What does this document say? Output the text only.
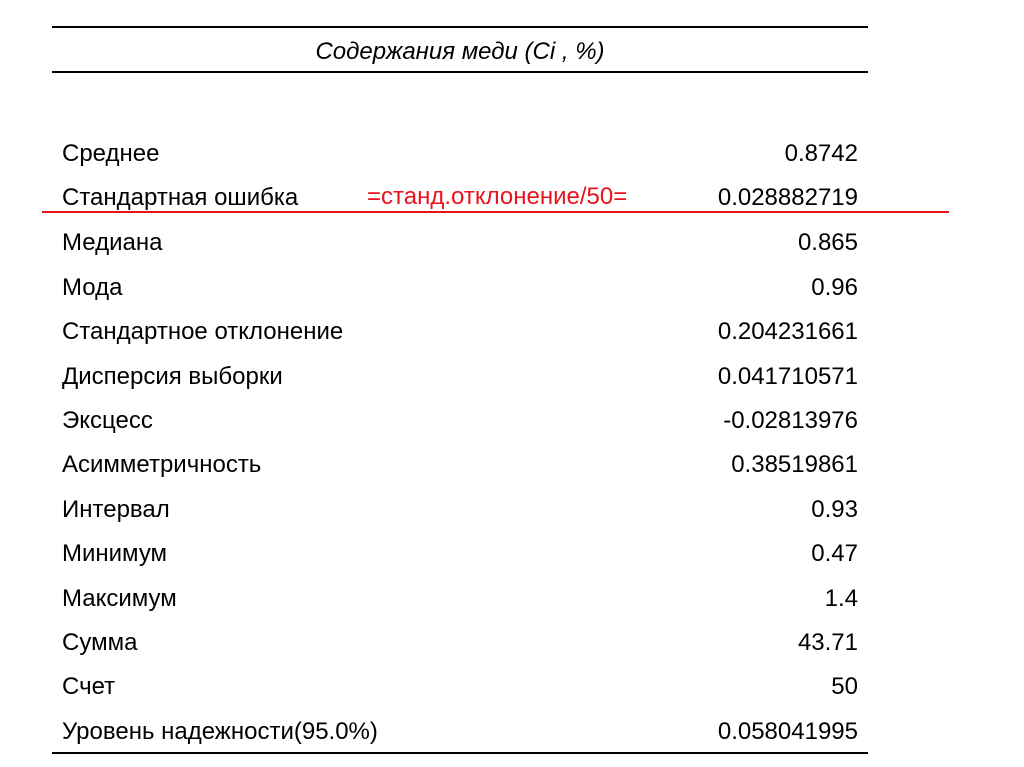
Содержания меди (Ci , %)
Среднее	0.8742
Стандартная ошибка	0.028882719
Медиана	0.865
Мода	0.96
Стандартное отклонение	0.204231661
Дисперсия выборки	0.041710571
Эксцесс	-0.02813976
Асимметричность	0.38519861
Интервал	0.93
Минимум	0.47
Максимум	1.4
Сумма	43.71
Счет	50
Уровень надежности(95.0%)	0.058041995
=станд.отклонение/50=
